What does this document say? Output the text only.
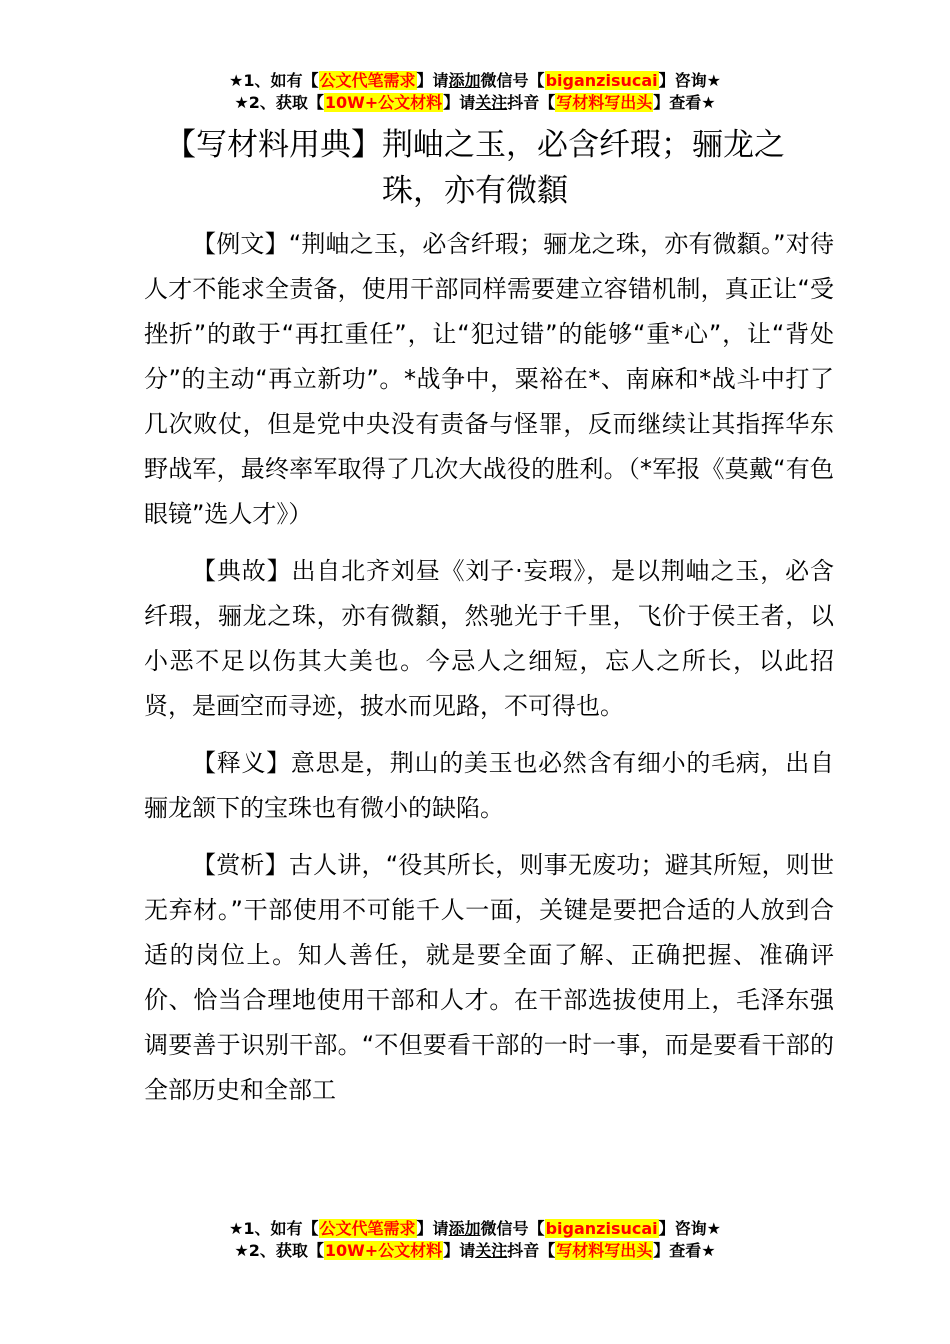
★1、如有【公文代笔需求】请添加微信号【biganzisucai】咨询★
★2、获取【10W+公文材料】请关注抖音【写材料写出头】查看★
【写材料用典】荆岫之玉，必含纤瑕；骊龙之珠，亦有微纇

【例文】“荆岫之玉，必含纤瑕；骊龙之珠，亦有微纇。”对待人才不能求全责备，使用干部同样需要建立容错机制，真正让“受挫折”的敢于“再扛重任”，让“犯过错”的能够“重*心”，让“背处分”的主动“再立新功”。*战争中，粟裕在*、南麻和*战斗中打了几次败仗，但是党中央没有责备与怪罪，反而继续让其指挥华东野战军，最终率军取得了几次大战役的胜利。（*军报《莫戴“有色眼镜”选人才》）

【典故】出自北齐刘昼《刘子·妄瑕》，是以荆岫之玉，必含纤瑕，骊龙之珠，亦有微纇，然驰光于千里，飞价于侯王者，以小恶不足以伤其大美也。今忌人之细短，忘人之所长，以此招贤，是画空而寻迹，披水而见路，不可得也。

【释义】意思是，荆山的美玉也必然含有细小的毛病，出自骊龙颔下的宝珠也有微小的缺陷。

【赏析】古人讲，“役其所长，则事无废功；避其所短，则世无弃材。”干部使用不可能千人一面，关键是要把合适的人放到合适的岗位上。知人善任，就是要全面了解、正确把握、准确评价、恰当合理地使用干部和人才。在干部选拔使用上，毛泽东强调要善于识别干部。“不但要看干部的一时一事，而是要看干部的全部历史和全部工

★1、如有【公文代笔需求】请添加微信号【biganzisucai】咨询★
★2、获取【10W+公文材料】请关注抖音【写材料写出头】查看★
